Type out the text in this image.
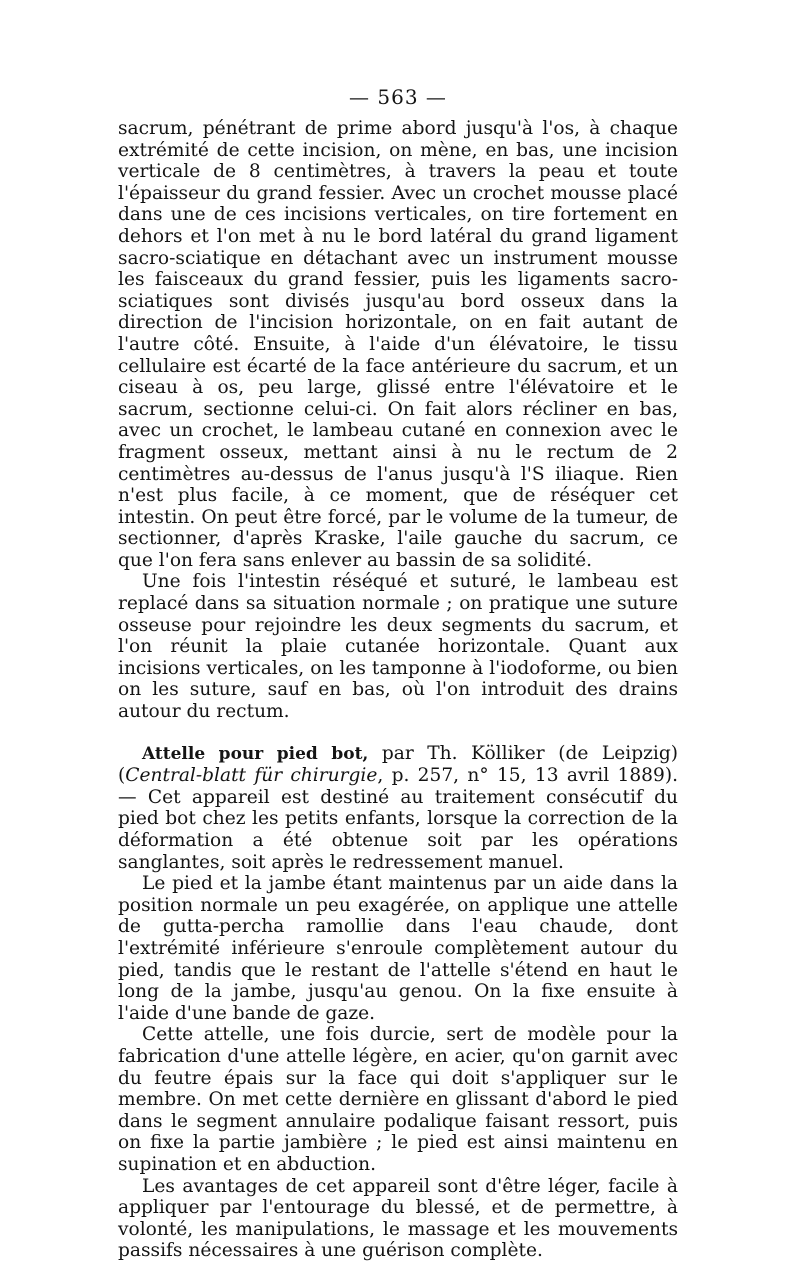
— 563 —

sacrum, pénétrant de prime abord jusqu'à l'os, à chaque extrémité de cette incision, on mène, en bas, une incision verticale de 8 centimètres, à travers la peau et toute l'épaisseur du grand fessier. Avec un crochet mousse placé dans une de ces incisions verticales, on tire fortement en dehors et l'on met à nu le bord latéral du grand ligament sacro-sciatique en détachant avec un instrument mousse les faisceaux du grand fessier, puis les ligaments sacro-sciatiques sont divisés jusqu'au bord osseux dans la direction de l'incision horizontale, on en fait autant de l'autre côté. Ensuite, à l'aide d'un élévatoire, le tissu cellulaire est écarté de la face antérieure du sacrum, et un ciseau à os, peu large, glissé entre l'élévatoire et le sacrum, sectionne celui-ci. On fait alors récliner en bas, avec un crochet, le lambeau cutané en connexion avec le fragment osseux, mettant ainsi à nu le rectum de 2 centimètres au-dessus de l'anus jusqu'à l'S iliaque. Rien n'est plus facile, à ce moment, que de réséquer cet intestin. On peut être forcé, par le volume de la tumeur, de sectionner, d'après Kraske, l'aile gauche du sacrum, ce que l'on fera sans enlever au bassin de sa solidité.

Une fois l'intestin réséqué et suturé, le lambeau est replacé dans sa situation normale ; on pratique une suture osseuse pour rejoindre les deux segments du sacrum, et l'on réunit la plaie cutanée horizontale. Quant aux incisions verticales, on les tamponne à l'iodoforme, ou bien on les suture, sauf en bas, où l'on introduit des drains autour du rectum.

Attelle pour pied bot, par Th. Kölliker (de Leipzig) (Central-blatt für chirurgie, p. 257, n° 15, 13 avril 1889). — Cet appareil est destiné au traitement consécutif du pied bot chez les petits enfants, lorsque la correction de la déformation a été obtenue soit par les opérations sanglantes, soit après le redressement manuel.

Le pied et la jambe étant maintenus par un aide dans la position normale un peu exagérée, on applique une attelle de gutta-percha ramollie dans l'eau chaude, dont l'extrémité inférieure s'enroule complètement autour du pied, tandis que le restant de l'attelle s'étend en haut le long de la jambe, jusqu'au genou. On la fixe ensuite à l'aide d'une bande de gaze.

Cette attelle, une fois durcie, sert de modèle pour la fabrication d'une attelle légère, en acier, qu'on garnit avec du feutre épais sur la face qui doit s'appliquer sur le membre. On met cette dernière en glissant d'abord le pied dans le segment annulaire podalique faisant ressort, puis on fixe la partie jambière ; le pied est ainsi maintenu en supination et en abduction.

Les avantages de cet appareil sont d'être léger, facile à appliquer par l'entourage du blessé, et de permettre, à volonté, les manipulations, le massage et les mouvements passifs nécessaires à une guérison complète.
